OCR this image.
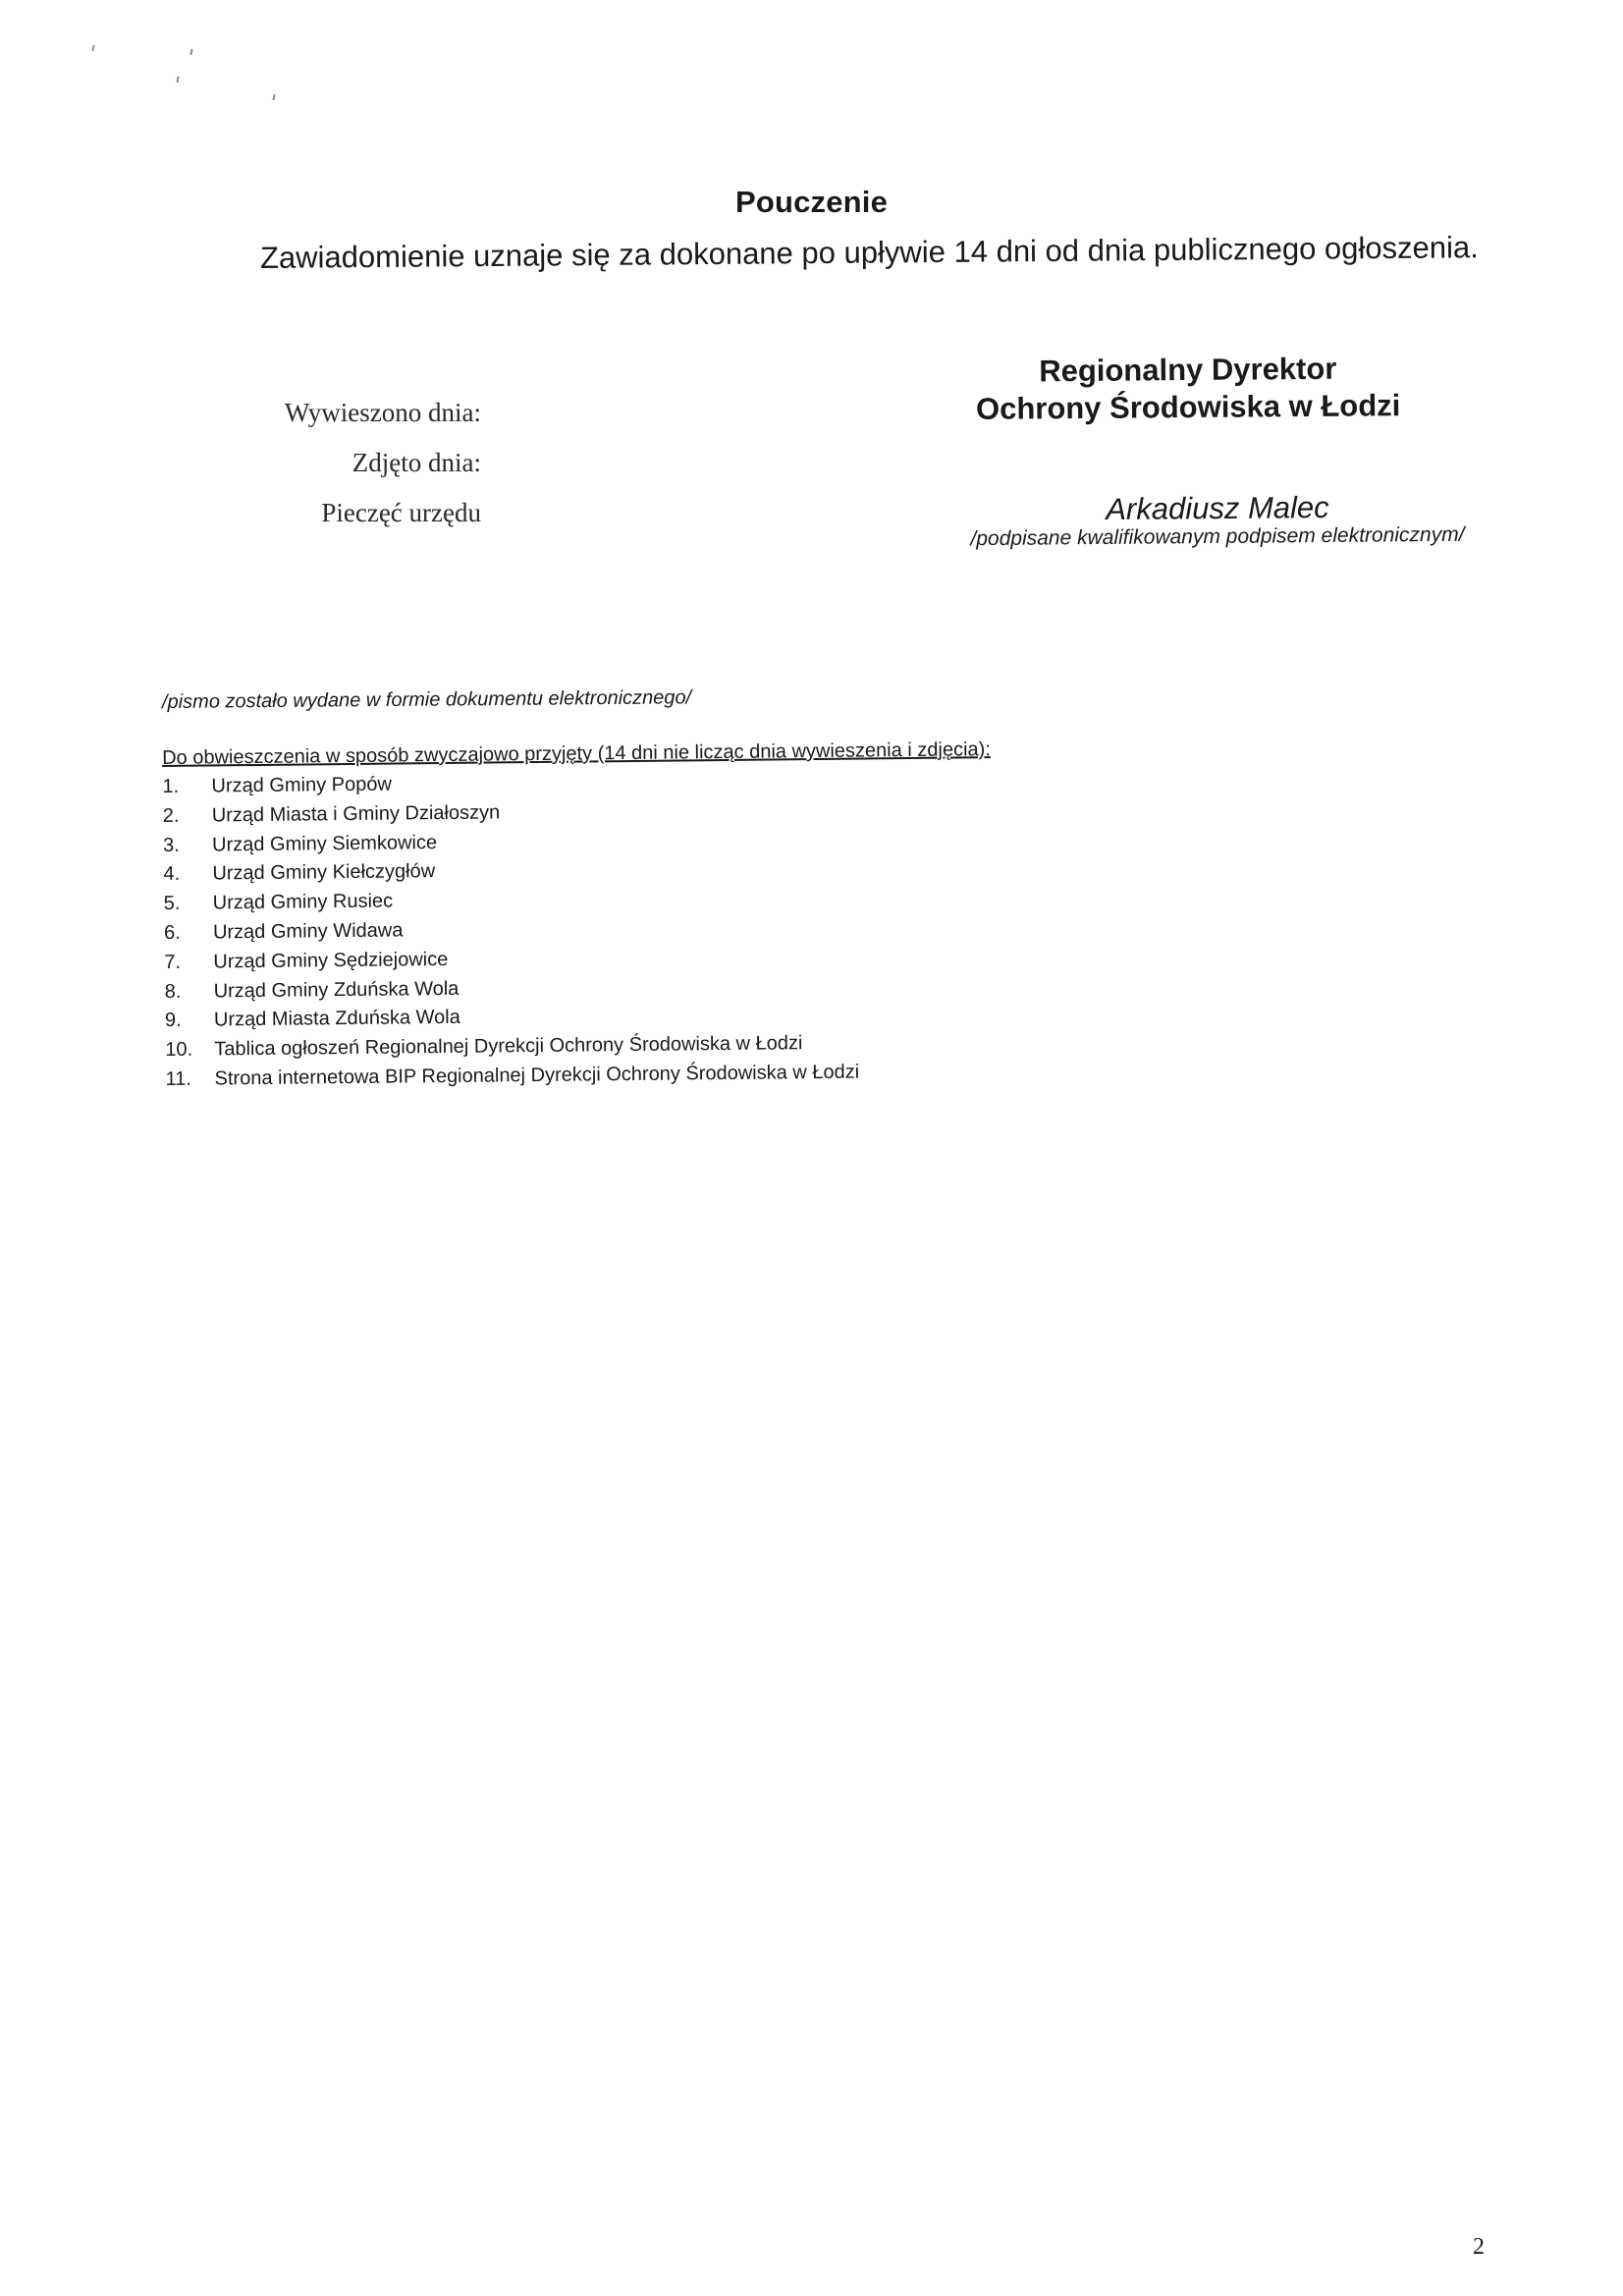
Pouczenie
Zawiadomienie uznaje się za dokonane po upływie 14 dni od dnia publicznego ogłoszenia.
Wywieszono dnia:
Zdjęto dnia:
Pieczęć urzędu
Regionalny Dyrektor
Ochrony Środowiska w Łodzi
Arkadiusz Malec
/podpisane kwalifikowanym podpisem elektronicznym/
/pismo zostało wydane w formie dokumentu elektronicznego/
Do obwieszczenia w sposób zwyczajowo przyjęty (14 dni nie licząc dnia wywieszenia i zdjęcia):
1.	Urząd Gminy Popów
2.	Urząd Miasta i Gminy Działoszyn
3.	Urząd Gminy Siemkowice
4.	Urząd Gminy Kiełczygłów
5.	Urząd Gminy Rusiec
6.	Urząd Gminy Widawa
7.	Urząd Gminy Sędziejowice
8.	Urząd Gminy Zduńska Wola
9.	Urząd Miasta Zduńska Wola
10.	Tablica ogłoszeń Regionalnej Dyrekcji Ochrony Środowiska w Łodzi
11.	Strona internetowa BIP Regionalnej Dyrekcji Ochrony Środowiska w Łodzi
2
